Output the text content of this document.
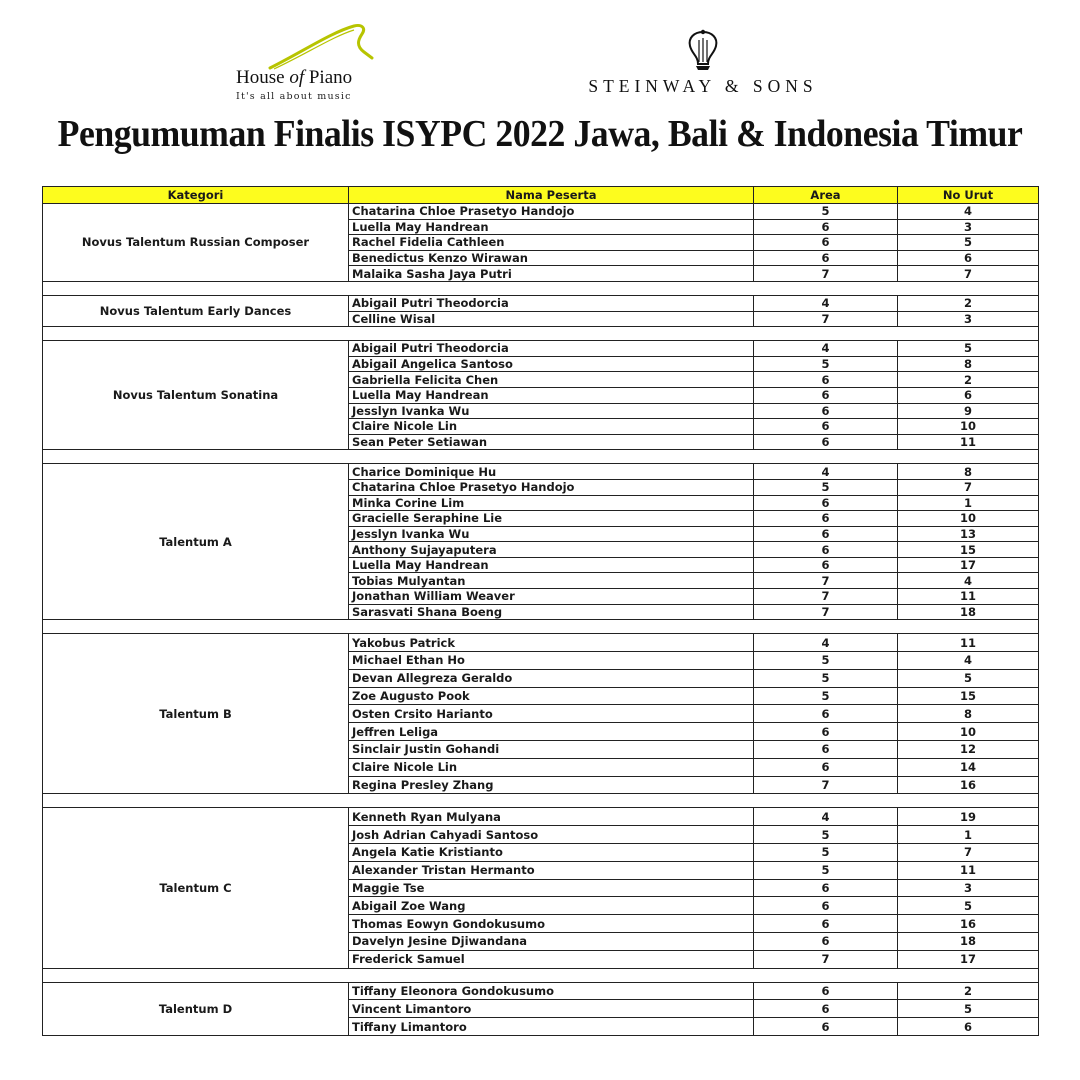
House of Piano
It's all about music
STEINWAY & SONS
Pengumuman Finalis ISYPC 2022 Jawa, Bali & Indonesia Timur
Kategori	Nama Peserta	Area	No Urut
Novus Talentum Russian Composer	Chatarina Chloe Prasetyo Handojo	5	4
	Luella May Handrean	6	3
	Rachel Fidelia Cathleen	6	5
	Benedictus Kenzo Wirawan	6	6
	Malaika Sasha Jaya Putri	7	7

Novus Talentum Early Dances	Abigail Putri Theodorcia	4	2
	Celline Wisal	7	3

Novus Talentum Sonatina	Abigail Putri Theodorcia	4	5
	Abigail Angelica Santoso	5	8
	Gabriella Felicita Chen	6	2
	Luella May Handrean	6	6
	Jesslyn Ivanka Wu	6	9
	Claire Nicole Lin	6	10
	Sean Peter Setiawan	6	11

Talentum A	Charice Dominique Hu	4	8
	Chatarina Chloe Prasetyo Handojo	5	7
	Minka Corine Lim	6	1
	Gracielle Seraphine Lie	6	10
	Jesslyn Ivanka Wu	6	13
	Anthony Sujayaputera	6	15
	Luella May Handrean	6	17
	Tobias Mulyantan	7	4
	Jonathan William Weaver	7	11
	Sarasvati Shana Boeng	7	18

Talentum B	Yakobus Patrick	4	11
	Michael Ethan Ho	5	4
	Devan Allegreza Geraldo	5	5
	Zoe Augusto Pook	5	15
	Osten Crsito Harianto	6	8
	Jeffren Leliga	6	10
	Sinclair Justin Gohandi	6	12
	Claire Nicole Lin	6	14
	Regina Presley Zhang	7	16

Talentum C	Kenneth Ryan Mulyana	4	19
	Josh Adrian Cahyadi Santoso	5	1
	Angela Katie Kristianto	5	7
	Alexander Tristan Hermanto	5	11
	Maggie Tse	6	3
	Abigail Zoe Wang	6	5
	Thomas Eowyn Gondokusumo	6	16
	Davelyn Jesine Djiwandana	6	18
	Frederick Samuel	7	17

Talentum D	Tiffany Eleonora Gondokusumo	6	2
	Vincent Limantoro	6	5
	Tiffany Limantoro	6	6
